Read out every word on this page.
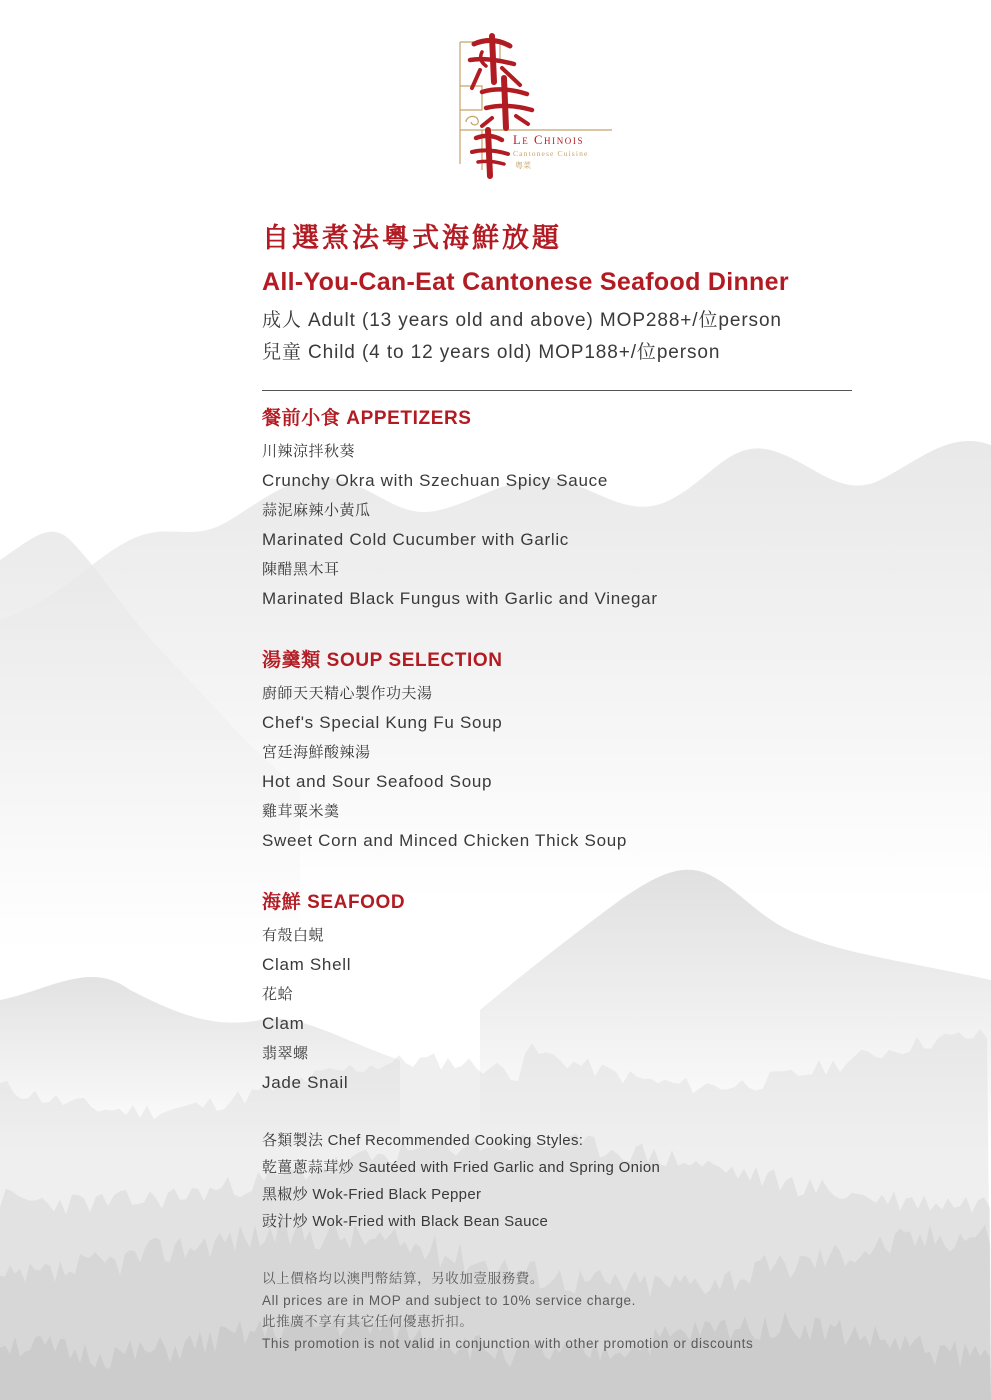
Le Chinois
Cantonese Cuisine
粵菜
自選煮法粵式海鮮放題
All-You-Can-Eat Cantonese Seafood Dinner
成人 Adult (13 years old and above) MOP288+/位person
兒童 Child (4 to 12 years old) MOP188+/位person
餐前小食 APPETIZERS
川辣涼拌秋葵
Crunchy Okra with Szechuan Spicy Sauce
蒜泥麻辣小黃瓜
Marinated Cold Cucumber with Garlic
陳醋黑木耳
Marinated Black Fungus with Garlic and Vinegar
湯羹類 SOUP SELECTION
廚師天天精心製作功夫湯
Chef's Special Kung Fu Soup
宮廷海鮮酸辣湯
Hot and Sour Seafood Soup
雞茸粟米羹
Sweet Corn and Minced Chicken Thick Soup
海鮮 SEAFOOD
有殼白蜆
Clam Shell
花蛤
Clam
翡翠螺
Jade Snail
各類製法 Chef Recommended Cooking Styles:
乾薑蔥蒜茸炒 Sautéed with Fried Garlic and Spring Onion
黑椒炒 Wok-Fried Black Pepper
豉汁炒 Wok-Fried with Black Bean Sauce
以上價格均以澳門幣結算，另收加壹服務費。
All prices are in MOP and subject to 10% service charge.
此推廣不享有其它任何優惠折扣。
This promotion is not valid in conjunction with other promotion or discounts
